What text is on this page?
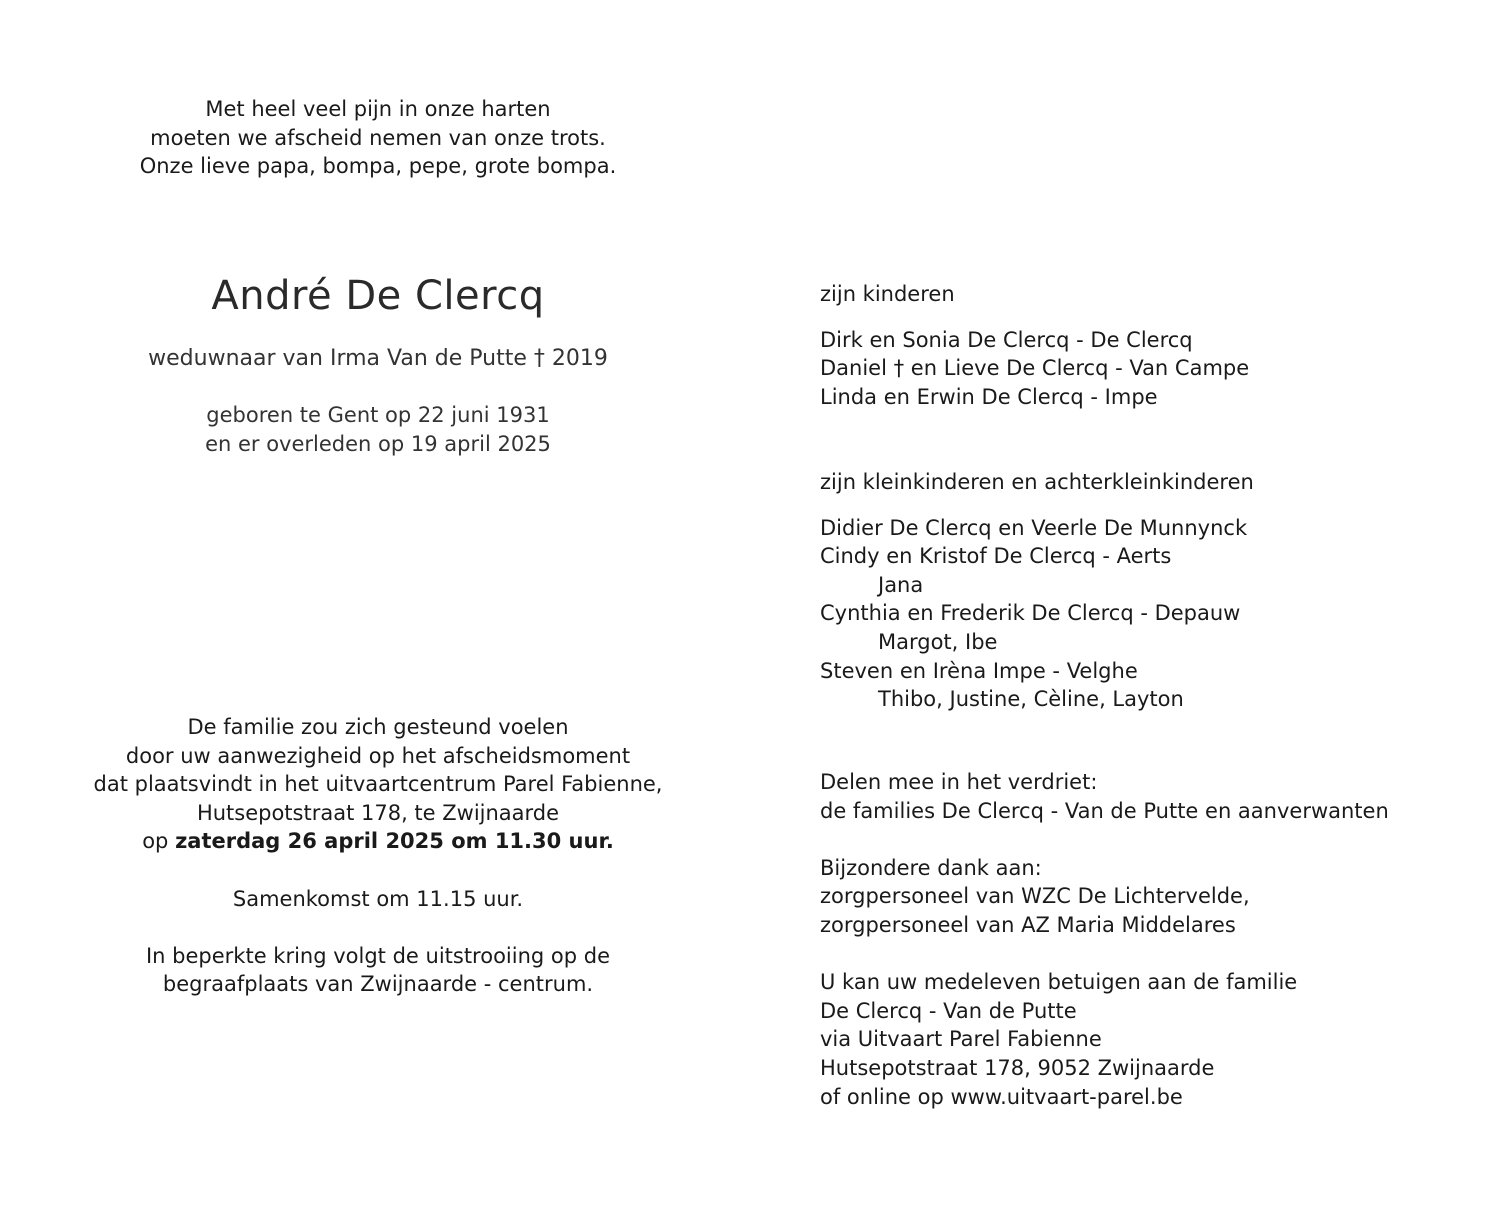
Met heel veel pijn in onze harten
moeten we afscheid nemen van onze trots.
Onze lieve papa, bompa, pepe, grote bompa.
André De Clercq
weduwnaar van Irma Van de Putte † 2019
geboren te Gent op 22 juni 1931
en er overleden op 19 april 2025
De familie zou zich gesteund voelen
door uw aanwezigheid op het afscheidsmoment
dat plaatsvindt in het uitvaartcentrum Parel Fabienne,
Hutsepotstraat 178, te Zwijnaarde
op zaterdag 26 april 2025 om 11.30 uur.
Samenkomst om 11.15 uur.
In beperkte kring volgt de uitstrooiing op de
begraafplaats van Zwijnaarde - centrum.
zijn kinderen
Dirk en Sonia De Clercq - De Clercq
Daniel † en Lieve De Clercq - Van Campe
Linda en Erwin De Clercq - Impe
zijn kleinkinderen en achterkleinkinderen
Didier De Clercq en Veerle De Munnynck
Cindy en Kristof De Clercq - Aerts
Jana
Cynthia en Frederik De Clercq - Depauw
Margot, Ibe
Steven en Irèna Impe - Velghe
Thibo, Justine, Cèline, Layton
Delen mee in het verdriet:
de families De Clercq - Van de Putte en aanverwanten
Bijzondere dank aan:
zorgpersoneel van WZC De Lichtervelde,
zorgpersoneel van AZ Maria Middelares
U kan uw medeleven betuigen aan de familie
De Clercq - Van de Putte
via Uitvaart Parel Fabienne
Hutsepotstraat 178, 9052 Zwijnaarde
of online op www.uitvaart-parel.be
